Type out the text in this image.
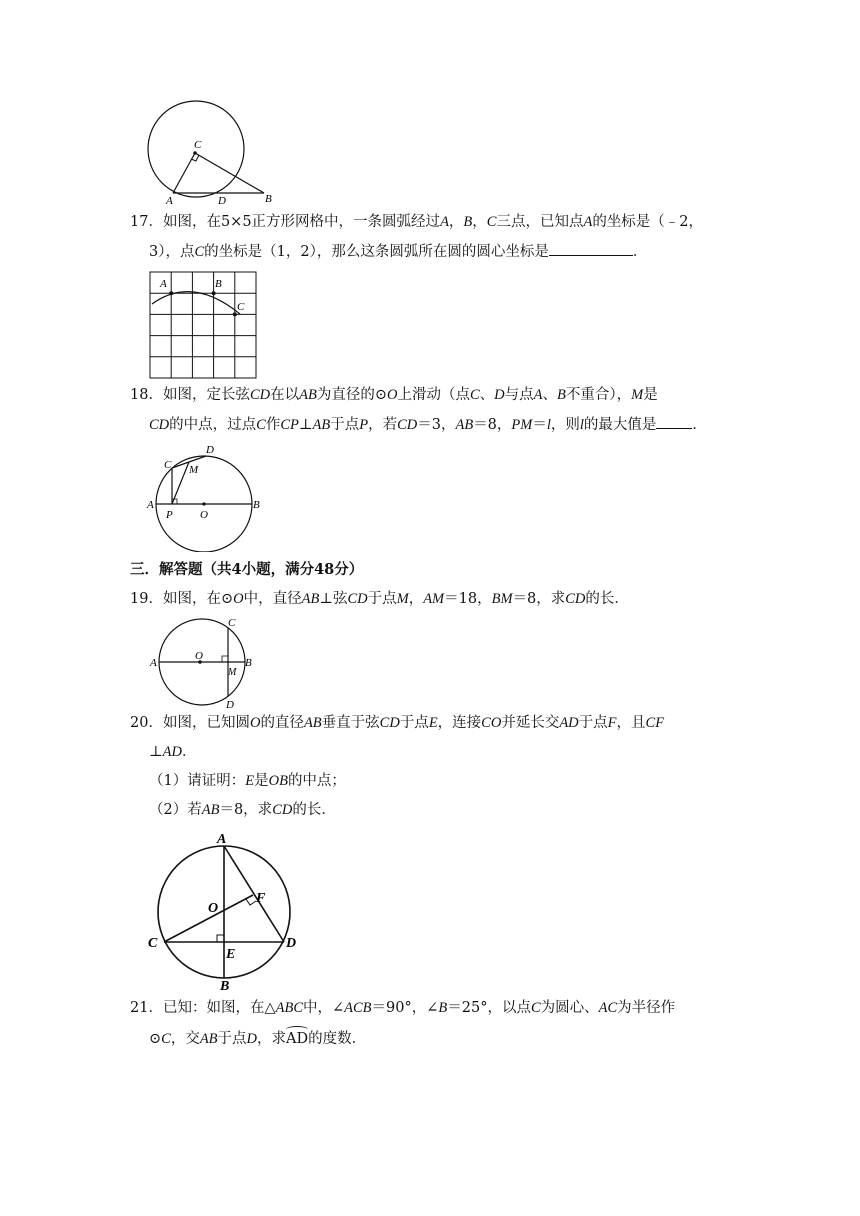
C
A	D	B
17．如图，在5×5正方形网格中，一条圆弧经过A，B，C三点，已知点A的坐标是（﹣2，
3），点C的坐标是（1，2），那么这条圆弧所在圆的圆心坐标是	．
A	B
C
18．如图，定长弦CD在以AB为直径的⊙O上滑动（点C、D与点A、B不重合），M是
CD的中点，过点C作CP⊥AB于点P，若CD＝3，AB＝8，PM＝l，则l的最大值是 ．
D
C M
A
P O
B
三．解答题（共4小题，满分48分）
19．如图，在⊙O中，直径AB⊥弦CD于点M，AM＝18，BM＝8，求CD的长．
C
A
O
B
M
D
20．如图，已知圆O的直径AB垂直于弦CD于点E，连接CO并延长交AD于点F，且CF
⊥AD．
（1）请证明：E是OB的中点；
（2）若AB＝8，求CD的长．
A
F
O
C
E
D
B
21．已知：如图，在△ABC中，∠ACB＝90°，∠B＝25°，以点C为圆心、AC为半径作
⊙C，交AB于点D，求AD的度数．
